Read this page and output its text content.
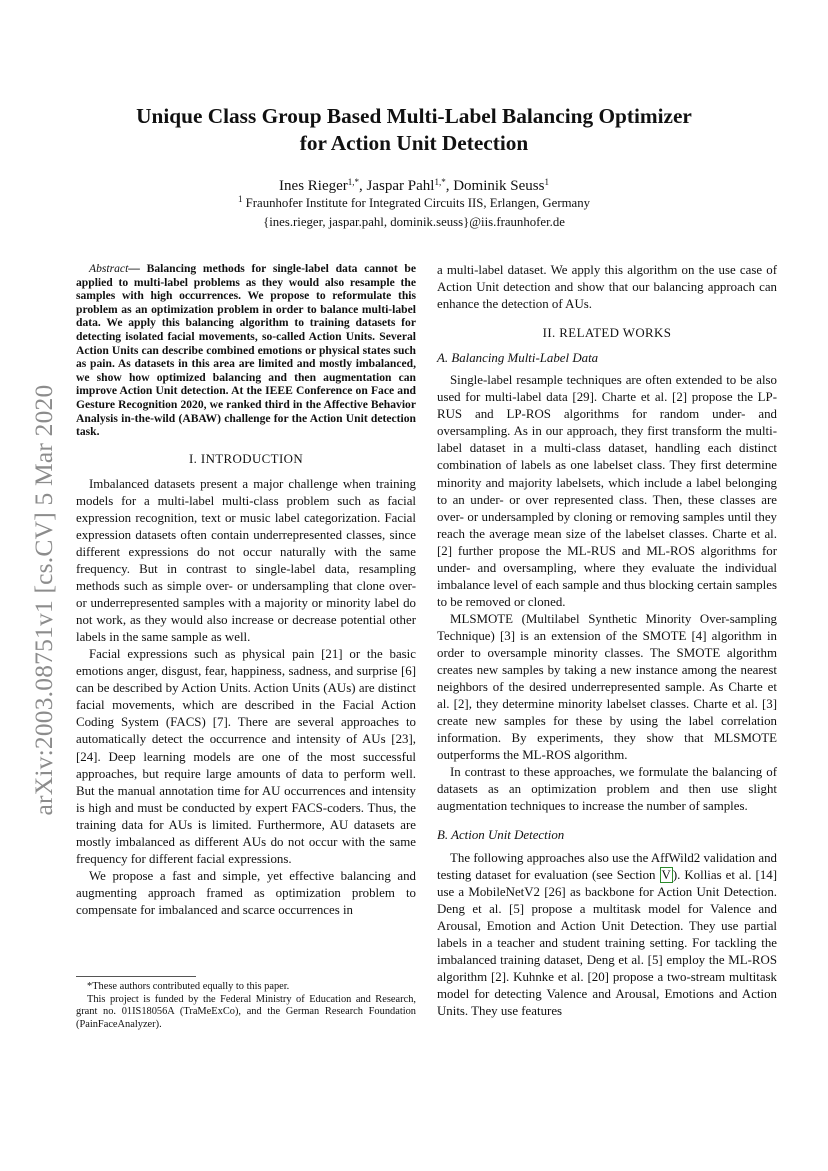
arXiv:2003.08751v1 [cs.CV] 5 Mar 2020
Unique Class Group Based Multi-Label Balancing Optimizer
for Action Unit Detection
Ines Rieger$^{1,*}$, Jaspar Pahl$^{1,*}$, Dominik Seuss$^1$
$^1$ Fraunhofer Institute for Integrated Circuits IIS, Erlangen, Germany
{ines.rieger, jaspar.pahl, dominik.seuss}@iis.fraunhofer.de

Abstract— Balancing methods for single-label data cannot be applied to multi-label problems as they would also resample the samples with high occurrences. We propose to reformulate this problem as an optimization problem in order to balance multi-label data. We apply this balancing algorithm to training datasets for detecting isolated facial movements, so-called Action Units. Several Action Units can describe combined emotions or physical states such as pain. As datasets in this area are limited and mostly imbalanced, we show how optimized balancing and then augmentation can improve Action Unit detection. At the IEEE Conference on Face and Gesture Recognition 2020, we ranked third in the Affective Behavior Analysis in-the-wild (ABAW) challenge for the Action Unit detection task.

I. INTRODUCTION

Imbalanced datasets present a major challenge when training models for a multi-label multi-class problem such as facial expression recognition, text or music label categorization. Facial expression datasets often contain underrepresented classes, since different expressions do not occur naturally with the same frequency. But in contrast to single-label data, resampling methods such as simple over- or undersampling that clone over- or underrepresented samples with a majority or minority label do not work, as they would also increase or decrease potential other labels in the same sample as well.

Facial expressions such as physical pain [21] or the basic emotions anger, disgust, fear, happiness, sadness, and surprise [6] can be described by Action Units. Action Units (AUs) are distinct facial movements, which are described in the Facial Action Coding System (FACS) [7]. There are several approaches to automatically detect the occurrence and intensity of AUs [23], [24]. Deep learning models are one of the most successful approaches, but require large amounts of data to perform well. But the manual annotation time for AU occurrences and intensity is high and must be conducted by expert FACS-coders. Thus, the training data for AUs is limited. Furthermore, AU datasets are mostly imbalanced as different AUs do not occur with the same frequency for different facial expressions.

We propose a fast and simple, yet effective balancing and augmenting approach framed as optimization problem to compensate for imbalanced and scarce occurrences in

*These authors contributed equally to this paper.

This project is funded by the Federal Ministry of Education and Research, grant no. 01IS18056A (TraMeExCo), and the German Research Foundation (PainFaceAnalyzer).

a multi-label dataset. We apply this algorithm on the use case of Action Unit detection and show that our balancing approach can enhance the detection of AUs.

II. RELATED WORKS
A. Balancing Multi-Label Data

Single-label resample techniques are often extended to be also used for multi-label data [29]. Charte et al. [2] propose the LP-RUS and LP-ROS algorithms for random under- and oversampling. As in our approach, they first transform the multi-label dataset in a multi-class dataset, handling each distinct combination of labels as one labelset class. They first determine minority and majority labelsets, which include a label belonging to an under- or over represented class. Then, these classes are over- or undersampled by cloning or removing samples until they reach the average mean size of the labelset classes. Charte et al. [2] further propose the ML-RUS and ML-ROS algorithms for under- and oversampling, where they evaluate the individual imbalance level of each sample and thus blocking certain samples to be removed or cloned.

MLSMOTE (Multilabel Synthetic Minority Over-sampling Technique) [3] is an extension of the SMOTE [4] algorithm in order to oversample minority classes. The SMOTE algorithm creates new samples by taking a new instance among the nearest neighbors of the desired underrepresented sample. As Charte et al. [2], they determine minority labelset classes. Charte et al. [3] create new samples for these by using the label correlation information. By experiments, they show that MLSMOTE outperforms the ML-ROS algorithm.

In contrast to these approaches, we formulate the balancing of datasets as an optimization problem and then use slight augmentation techniques to increase the number of samples.

B. Action Unit Detection

The following approaches also use the AffWild2 validation and testing dataset for evaluation (see Section V ). Kollias et al. [14] use a MobileNetV2 [26] as backbone for Action Unit Detection. Deng et al. [5] propose a multitask model for Valence and Arousal, Emotion and Action Unit Detection. They use partial labels in a teacher and student training setting. For tackling the imbalanced training dataset, Deng et al. [5] employ the ML-ROS algorithm [2]. Kuhnke et al. [20] propose a two-stream multitask model for detecting Valence and Arousal, Emotions and Action Units. They use features
